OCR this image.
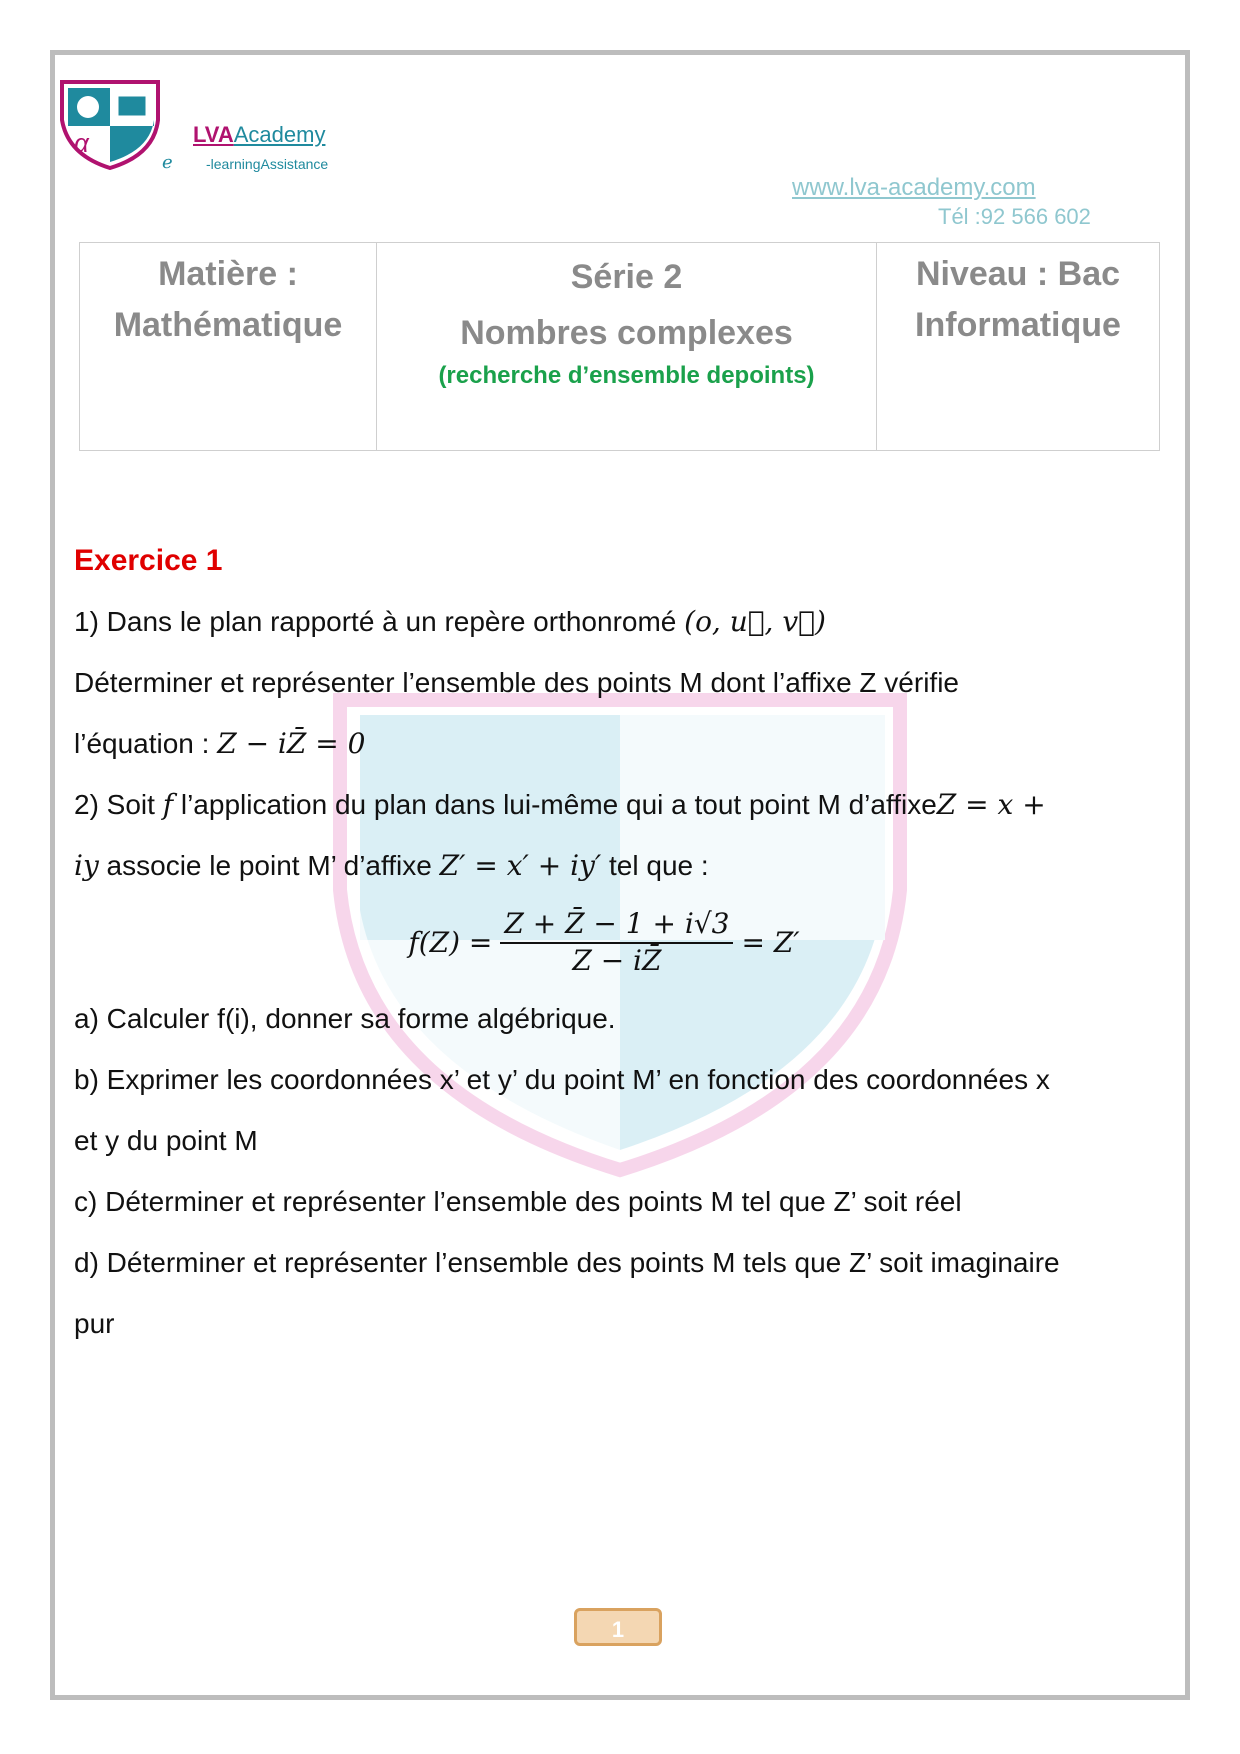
α	LVAAcademy
e -learningAssistance
www.lva-academy.com
Tél :92 566 602
Matière :
Mathématique

Série 2
Nombres complexes
(recherche d’ensemble depoints)

Niveau : Bac
Informatique

Exercice 1

1) Dans le plan rapporté à un repère orthonromé (o, u⃗, v⃗)

Déterminer et représenter l’ensemble des points M dont l’affixe Z vérifie

l’équation : Z − iZ̄ = 0

2) Soit f l’application du plan dans lui-même qui a tout point M d’affixeZ = x +

iy associe le point M’ d’affixe Z′ = x′ + iy′ tel que :

$f(Z) = \frac{Z + Z̄ - 1 + i√3}{Z - iZ̄} = Z'$

a) Calculer f(i), donner sa forme algébrique.

b) Exprimer les coordonnées x’ et y’ du point M’ en fonction des coordonnées x

et y du point M

c) Déterminer et représenter l’ensemble des points M tel que Z’ soit réel

d) Déterminer et représenter l’ensemble des points M tels que Z’ soit imaginaire

pur

1
